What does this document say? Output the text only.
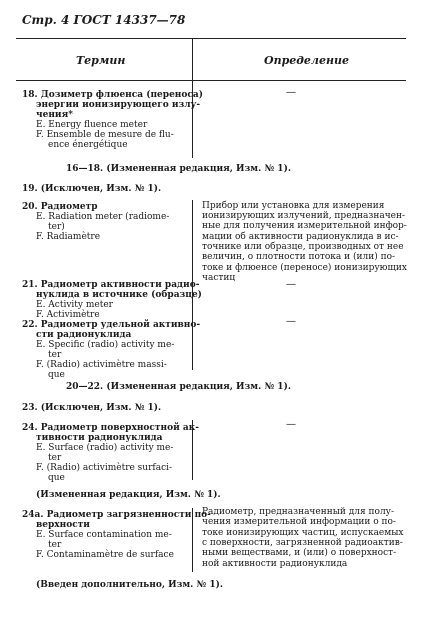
Стр. 4 ГОСТ 14337—78
Термин	Определение
18. Дозиметр флюенса (переноса)
энергии ионизирующего излу-
чения*
E. Energy fluence meter
F. Ensemble de mesure de flu-
ence énergétique
—
16—18. (Измененная редакция, Изм. № 1).
19. (Исключен, Изм. № 1).
20. Радиометр
E. Radiation meter (radiome-
ter)
F. Radiamètre
Прибор или установка для измерения
ионизирующих излучений, предназначен-
ные для получения измерительной инфор-
мации об активности радионуклида в ис-
точнике или образце, производных от нее
величин, о плотности потока и (или) по-
токе и флюенсе (переносе) ионизирующих
частиц
21. Радиометр активности радио-
нуклида в источнике (образце)
E. Activity meter
F. Activimètre
—
22. Радиометр удельной активно-
сти радионуклида
E. Specific (radio) activity me-
ter
F. (Radio) activimètre massi-
que
—
20—22. (Измененная редакция, Изм. № 1).
23. (Исключен, Изм. № 1).
24. Радиометр поверхностной ак-
тивности радионуклида
E. Surface (radio) activity me-
ter
F. (Radio) activimètre surfaci-
que
—
(Измененная редакция, Изм. № 1).
24а. Радиометр загрязненности по-
верхности
E. Surface contamination me-
ter
F. Contaminamètre de surface
Радиометр, предназначенный для полу-
чения измерительной информации о по-
токе ионизирующих частиц, испускаемых
с поверхности, загрязненной радиоактив-
ными веществами, и (или) о поверхност-
ной активности радионуклида
(Введен дополнительно, Изм. № 1).
